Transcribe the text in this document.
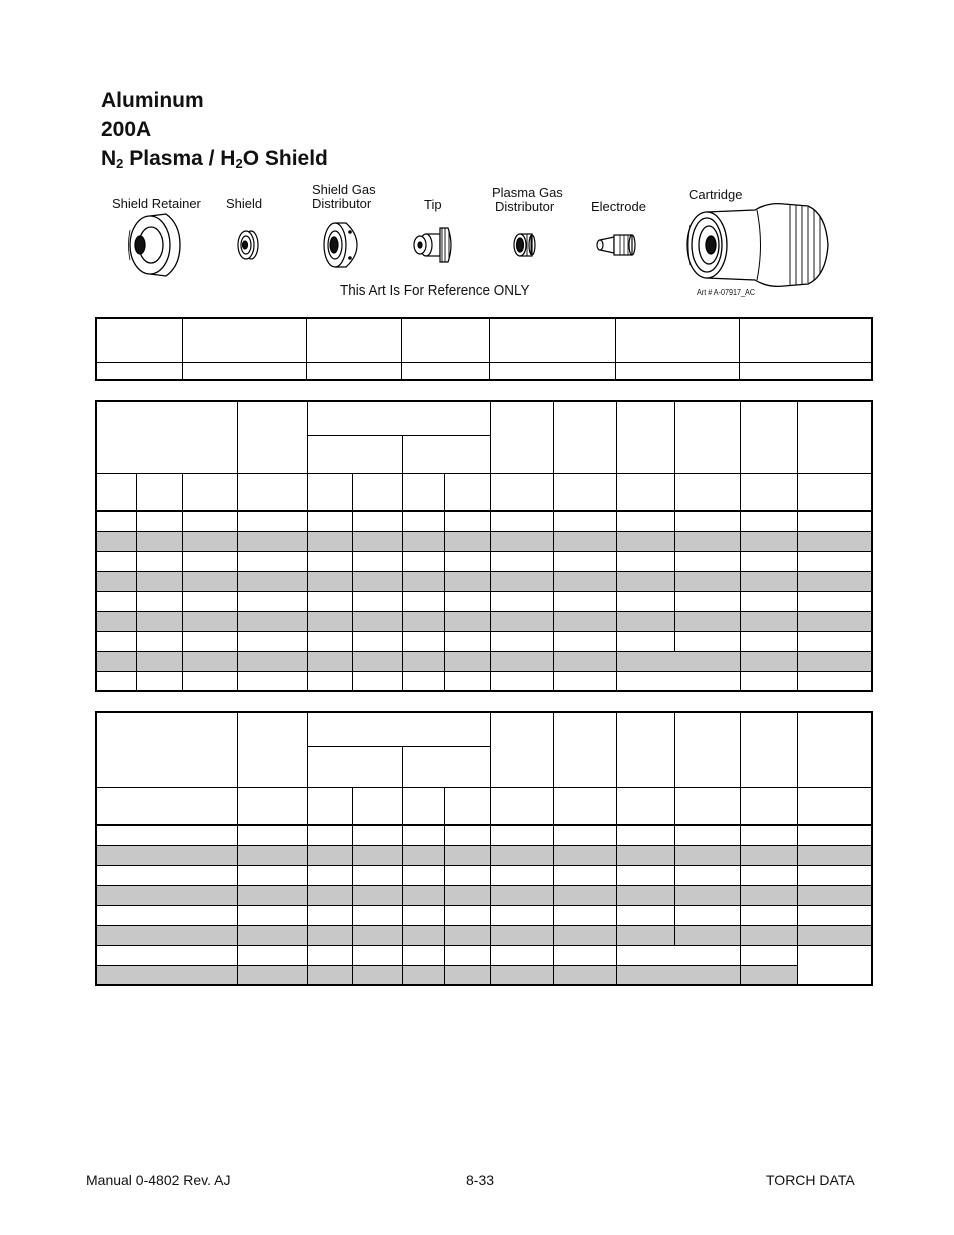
Aluminum
200A
$N_2$ Plasma / $H_2O$ Shield
Shield Retainer Shield
Shield Gas
Distributor	Tip
Plasma Gas
Distributor	Electrode
Cartridge
This Art Is For Reference ONLY	Art # A-07917_AC

Manual 0-4802 Rev. AJ	8-33	TORCH DATA
